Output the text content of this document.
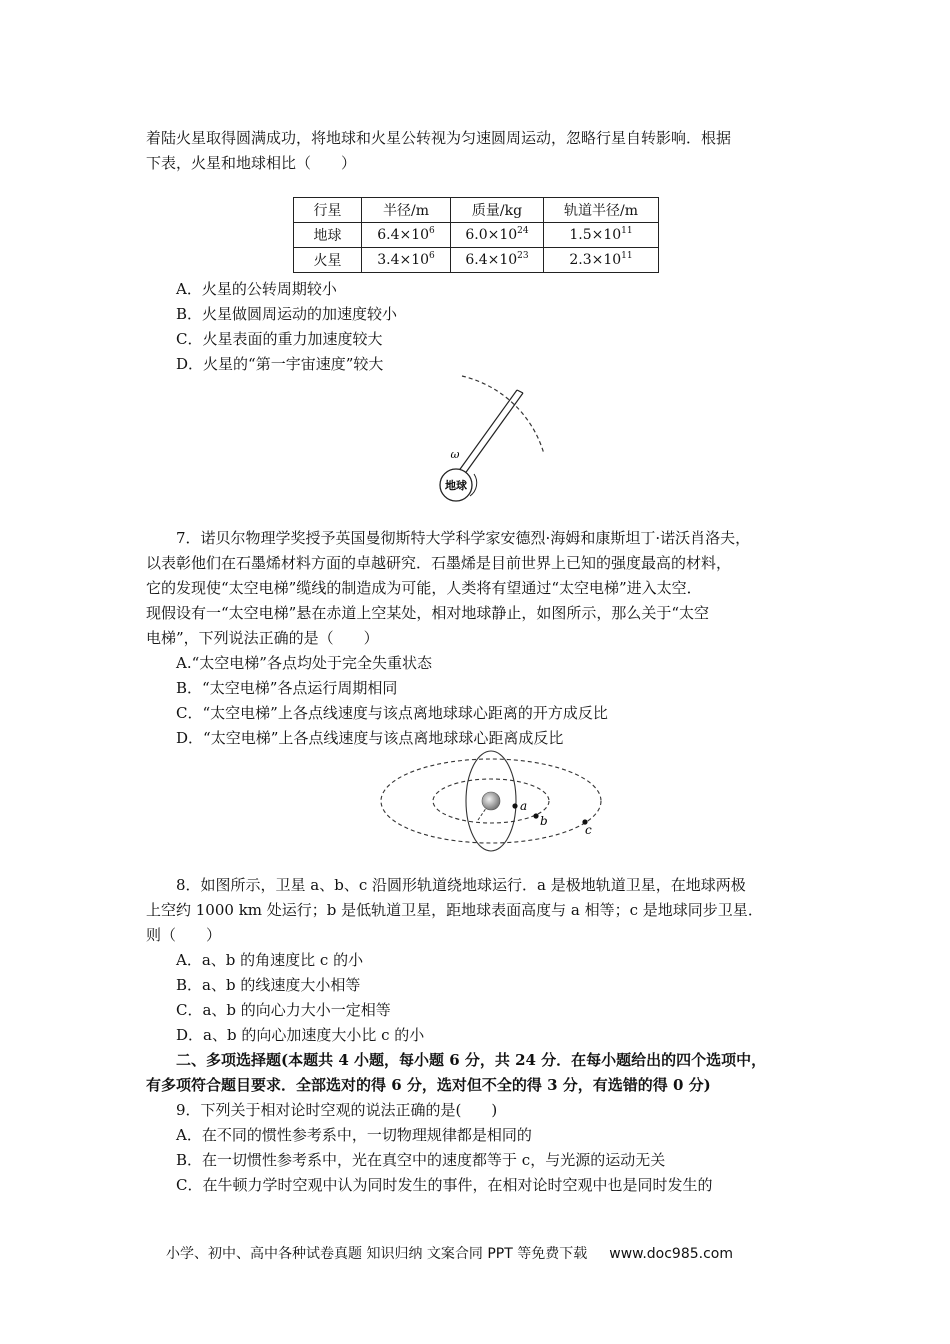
着陆火星取得圆满成功，将地球和火星公转视为匀速圆周运动，忽略行星自转影响．根据
下表，火星和地球相比（　　）
行星	半径/m	质量/kg	轨道半径/m
地球	$6.4\times 10^6$	$6.0\times 10^{24}$	$1.5\times 10^{11}$
火星	$3.4\times 10^6$	$6.4\times 10^{23}$	$2.3\times 10^{11}$
A．火星的公转周期较小
B．火星做圆周运动的加速度较小
C．火星表面的重力加速度较大
D．火星的“第一宇宙速度”较大
地球
ω
7．诺贝尔物理学奖授予英国曼彻斯特大学科学家安德烈·海姆和康斯坦丁·诺沃肖洛夫，
以表彰他们在石墨烯材料方面的卓越研究．石墨烯是目前世界上已知的强度最高的材料，
它的发现使“太空电梯”缆线的制造成为可能，人类将有望通过“太空电梯”进入太空．
现假设有一“太空电梯”悬在赤道上空某处，相对地球静止，如图所示，那么关于“太空
电梯”，下列说法正确的是（　　）
A.“太空电梯”各点均处于完全失重状态
B．“太空电梯”各点运行周期相同
C．“太空电梯”上各点线速度与该点离地球球心距离的开方成反比
D．“太空电梯”上各点线速度与该点离地球球心距离成反比
a
b
c
8．如图所示，卫星 a、b、c 沿圆形轨道绕地球运行．a 是极地轨道卫星，在地球两极
上空约 1000 km 处运行；b 是低轨道卫星，距地球表面高度与 a 相等；c 是地球同步卫星．
则（　　）
A．a、b 的角速度比 c 的小
B．a、b 的线速度大小相等
C．a、b 的向心力大小一定相等
D．a、b 的向心加速度大小比 c 的小
二、多项选择题(本题共 4 小题，每小题 6 分，共 24 分．在每小题给出的四个选项中，
有多项符合题目要求．全部选对的得 6 分，选对但不全的得 3 分，有选错的得 0 分)
9．下列关于相对论时空观的说法正确的是(　　)
A．在不同的惯性参考系中，一切物理规律都是相同的
B．在一切惯性参考系中，光在真空中的速度都等于 c，与光源的运动无关
C．在牛顿力学时空观中认为同时发生的事件，在相对论时空观中也是同时发生的
小学、初中、高中各种试卷真题 知识归纳 文案合同 PPT 等免费下载 www.doc985.com
